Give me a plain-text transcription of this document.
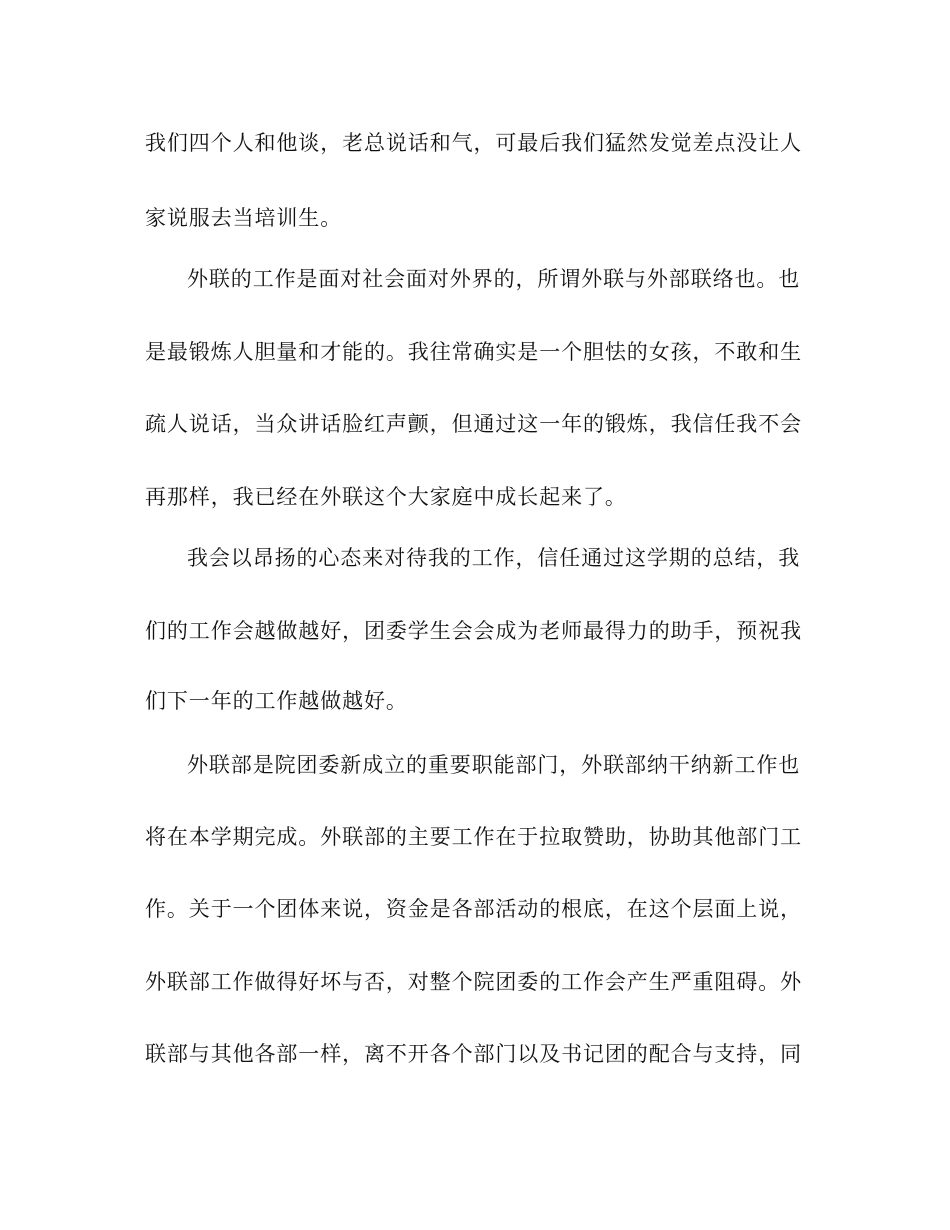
我们四个人和他谈，老总说话和气，可最后我们猛然发觉差点没让人
家说服去当培训生。
外联的工作是面对社会面对外界的，所谓外联与外部联络也。也
是最锻炼人胆量和才能的。我往常确实是一个胆怯的女孩，不敢和生
疏人说话，当众讲话脸红声颤，但通过这一年的锻炼，我信任我不会
再那样，我已经在外联这个大家庭中成长起来了。
我会以昂扬的心态来对待我的工作，信任通过这学期的总结，我
们的工作会越做越好，团委学生会会成为老师最得力的助手，预祝我
们下一年的工作越做越好。
外联部是院团委新成立的重要职能部门，外联部纳干纳新工作也
将在本学期完成。外联部的主要工作在于拉取赞助，协助其他部门工
作。关于一个团体来说，资金是各部活动的根底，在这个层面上说，
外联部工作做得好坏与否，对整个院团委的工作会产生严重阻碍。外
联部与其他各部一样，离不开各个部门以及书记团的配合与支持，同
